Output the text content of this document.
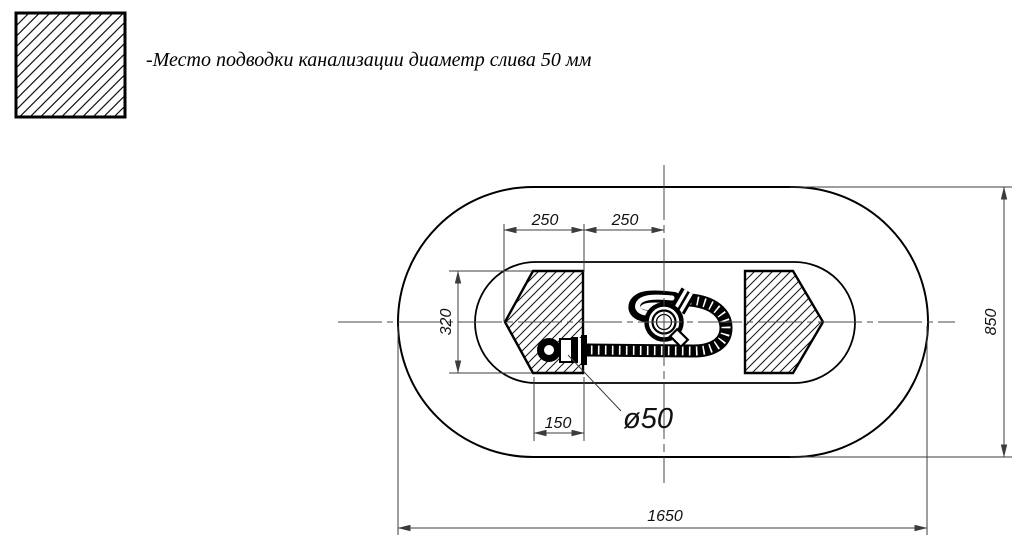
-Место подводки канализации диаметр слива 50 мм
250	250
320
150 ø50
1650
850
